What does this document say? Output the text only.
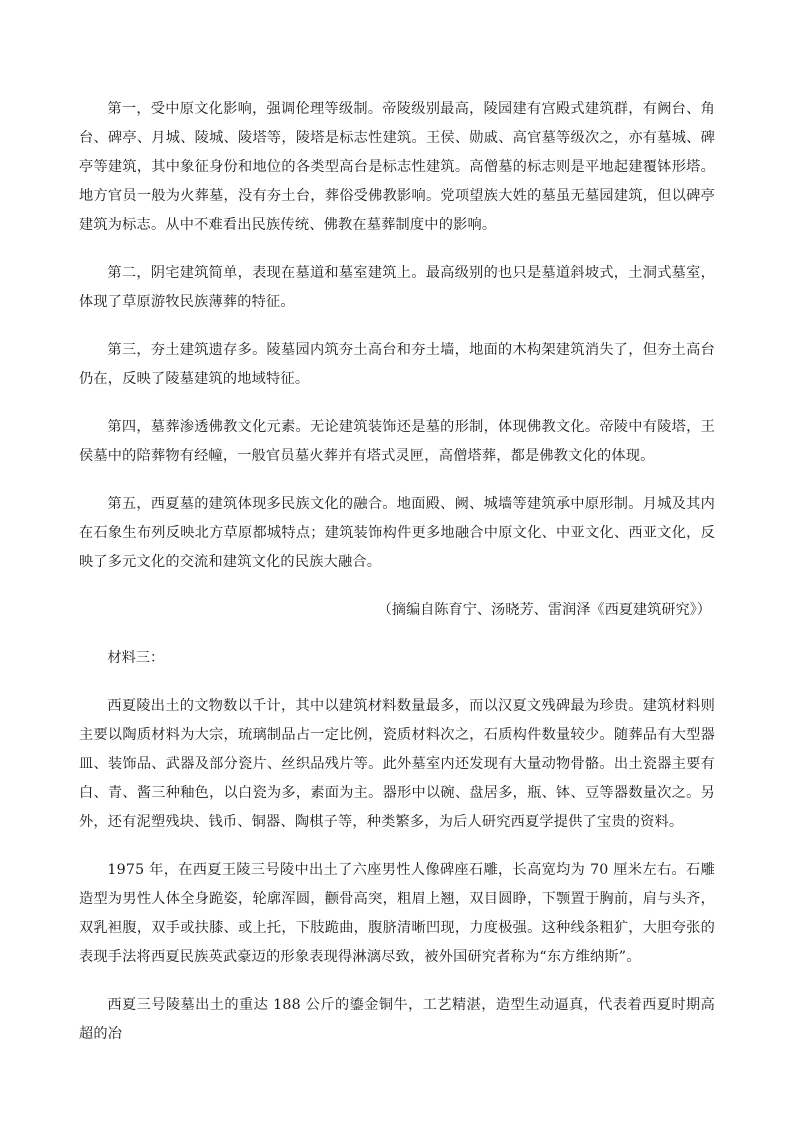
第一，受中原文化影响，强调伦理等级制。帝陵级别最高，陵园建有宫殿式建筑群，有阙台、角台、碑亭、月城、陵城、陵塔等，陵塔是标志性建筑。王侯、勋戚、高官墓等级次之，亦有墓城、碑亭等建筑，其中象征身份和地位的各类型高台是标志性建筑。高僧墓的标志则是平地起建覆钵形塔。地方官员一般为火葬墓，没有夯土台，葬俗受佛教影响。党项望族大姓的墓虽无墓园建筑，但以碑亭建筑为标志。从中不难看出民族传统、佛教在墓葬制度中的影响。

第二，阴宅建筑简单，表现在墓道和墓室建筑上。最高级别的也只是墓道斜坡式，土洞式墓室，体现了草原游牧民族薄葬的特征。

第三，夯土建筑遗存多。陵墓园内筑夯土高台和夯土墙，地面的木构架建筑消失了，但夯土高台仍在，反映了陵墓建筑的地域特征。

第四，墓葬渗透佛教文化元素。无论建筑装饰还是墓的形制，体现佛教文化。帝陵中有陵塔，王侯墓中的陪葬物有经幢，一般官员墓火葬并有塔式灵匣，高僧塔葬，都是佛教文化的体现。

第五，西夏墓的建筑体现多民族文化的融合。地面殿、阙、城墙等建筑承中原形制。月城及其内在石象生布列反映北方草原都城特点；建筑装饰构件更多地融合中原文化、中亚文化、西亚文化，反映了多元文化的交流和建筑文化的民族大融合。

（摘编自陈育宁、汤晓芳、雷润泽《西夏建筑研究》）

材料三：

西夏陵出土的文物数以千计，其中以建筑材料数量最多，而以汉夏文残碑最为珍贵。建筑材料则主要以陶质材料为大宗，琉璃制品占一定比例，瓷质材料次之，石质构件数量较少。随葬品有大型器皿、装饰品、武器及部分瓷片、丝织品残片等。此外墓室内还发现有大量动物骨骼。出土瓷器主要有白、青、酱三种釉色，以白瓷为多，素面为主。器形中以碗、盘居多，瓶、钵、豆等器数量次之。另外，还有泥塑残块、钱币、铜器、陶棋子等，种类繁多，为后人研究西夏学提供了宝贵的资料。

1975 年，在西夏王陵三号陵中出土了六座男性人像碑座石雕，长高宽均为 70 厘米左右。石雕造型为男性人体全身跪姿，轮廓浑圆，颧骨高突，粗眉上翘，双目圆睁，下颚置于胸前，肩与头齐，双乳袒腹，双手或扶膝、或上托，下肢跪曲，腹脐清晰凹现，力度极强。这种线条粗犷，大胆夸张的表现手法将西夏民族英武豪迈的形象表现得淋漓尽致，被外国研究者称为“东方维纳斯”。

西夏三号陵墓出土的重达 188 公斤的鎏金铜牛，工艺精湛，造型生动逼真，代表着西夏时期高超的冶
